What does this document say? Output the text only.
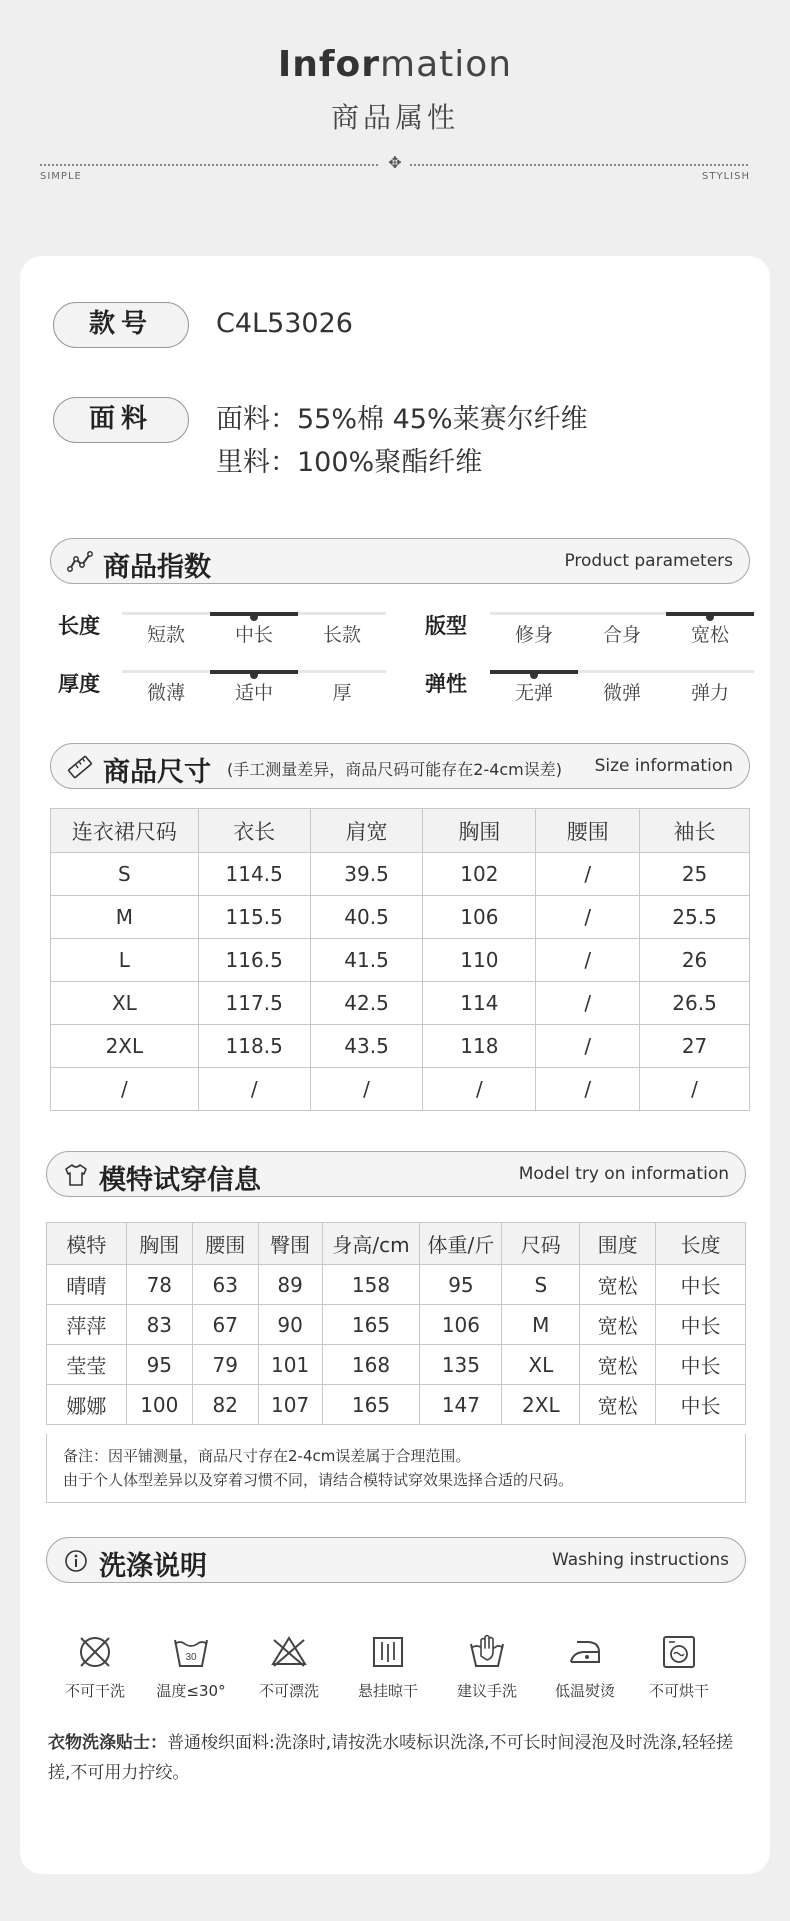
Information
商品属性
✥
SIMPLE	STYLISH
款号	C4L53026
面料	面料：55%棉 45%莱赛尔纤维
里料：100%聚酯纤维
商品指数	Product parameters
长度	短款	中长	长款	版型	修身	合身	宽松
厚度	微薄	适中	厚	弹性	无弹	微弹	弹力
商品尺寸 (手工测量差异，商品尺码可能存在2-4cm误差) Size information
连衣裙尺码	衣长	肩宽	胸围	腰围	袖长
S	114.5	39.5	102	/	25
M	115.5	40.5	106	/	25.5
L	116.5	41.5	110	/	26
XL	117.5	42.5	114	/	26.5
2XL	118.5	43.5	118	/	27
/	/	/	/	/	/
模特试穿信息	Model try on information
模特	胸围	腰围	臀围	身高/cm	体重/斤	尺码	围度	长度
晴晴	78	63	89	158	95	S	宽松	中长
萍萍	83	67	90	165	106	M	宽松	中长
莹莹	95	79	101	168	135	XL	宽松	中长
娜娜	100	82	107	165	147	2XL	宽松	中长
备注：因平铺测量，商品尺寸存在2-4cm误差属于合理范围。
由于个人体型差异以及穿着习惯不同，请结合模特试穿效果选择合适的尺码。
洗涤说明	Washing instructions
不可干洗
30
温度≤30°	不可漂洗	悬挂晾干	建议手洗	低温熨烫	不可烘干
衣物洗涤贴士：普通梭织面料:洗涤时,请按洗水唛标识洗涤,不可长时间浸泡及时洗涤,轻轻搓搓,不可用力拧绞。
